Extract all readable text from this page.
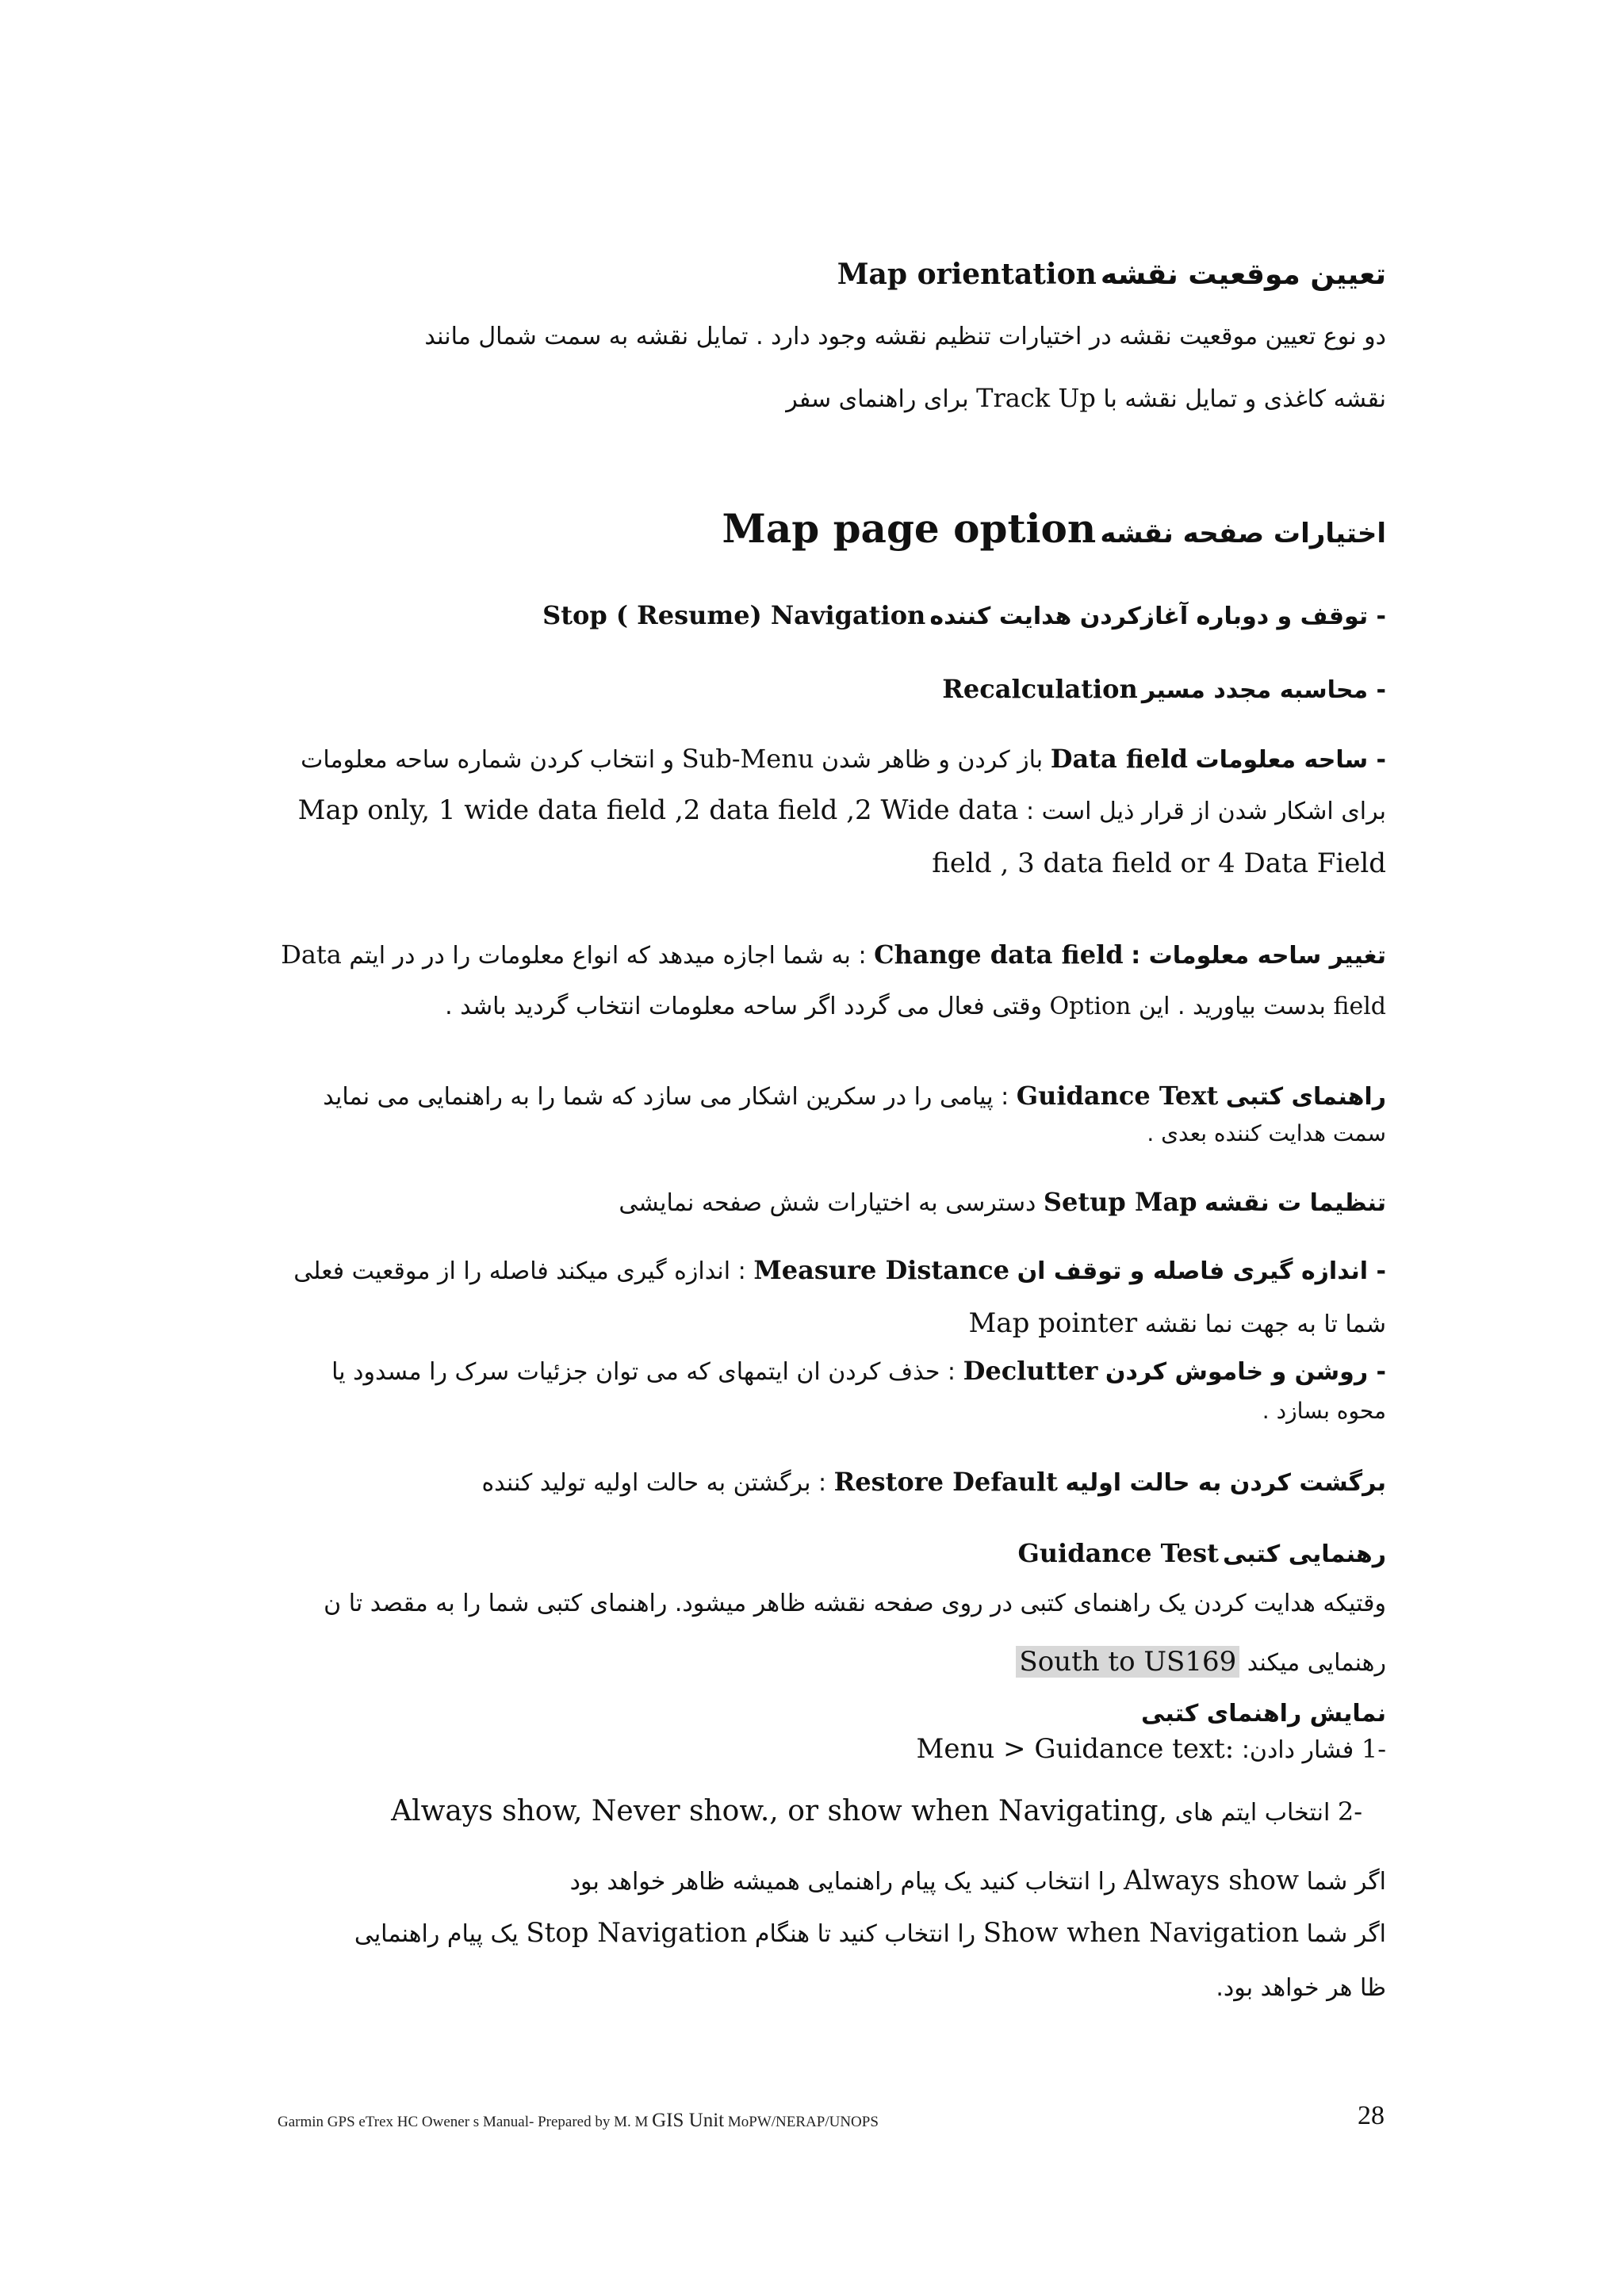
تعیین موقعیت نقشه Map orientation
دو نوع تعیین موقعیت نقشه در اختیارات تنظیم نقشه وجود دارد . تمایل نقشه به سمت شمال مانند
نقشه کاغذی و تمایل نقشه با Track Up برای راهنمای سفر
اختیارات صفحه نقشه Map page option
- توقف و دوباره آغازکردن هدایت کننده Stop ( Resume) Navigation
- محاسبه مجدد مسیر Recalculation
- ساحه معلومات Data field باز کردن و ظاهر شدن Sub-Menu و انتخاب کردن شماره ساحه معلومات
برای اشکار شدن از قرار ذیل است : Map only, 1 wide data field ,2 data field ,2 Wide data
field , 3 data field or 4 Data Field
تغییر ساحه معلومات : Change data field : به شما اجازه میدهد که انواع معلومات را در در ایتم Data
field بدست بیاورید . این Option وقتی فعال می گردد اگر ساحه معلومات انتخاب گردید باشد .
راهنمای کتبی Guidance Text : پیامی را در سکرین اشکار می سازد که شما را به راهنمایی می نماید
سمت هدایت کننده بعدی .
تنظیما ت نقشه Setup Map دسترسی به اختیارات شش صفحه نمایشی
- اندازه گیری فاصله و توقف ان Measure Distance : اندازه گیری میکند فاصله را از موقعیت فعلی
شما تا به جهت نما نقشه Map pointer
- روشن و خاموش کردن Declutter : حذف کردن ان ایتمهای که می توان جزئیات سرک را مسدود یا
محوه بسازد .
برگشت کردن به حالت اولیه Restore Default : برگشتن به حالت اولیه تولید کننده
رهنمایی کتبی Guidance Test
وقتیکه هدایت کردن یک راهنمای کتبی در روی صفحه نقشه ظاهر میشود. راهنمای کتبی شما را به مقصد تا ن
رهنمایی میکند South to US169
نمایش راهنمای کتبی
1- فشار دادن: Menu > Guidance text:
2- انتخاب ایتم های Always show, Never show., or show when Navigating,
اگر شما Always show را انتخاب کنید یک پیام راهنمایی همیشه ظاهر خواهد بود
اگر شما Show when Navigation را انتخاب کنید تا هنگام Stop Navigation یک پیام راهنمایی
ظا هر خواهد بود.
Garmin GPS eTrex HC Owener s Manual- Prepared by M. M GIS Unit MoPW/NERAP/UNOPS	28
